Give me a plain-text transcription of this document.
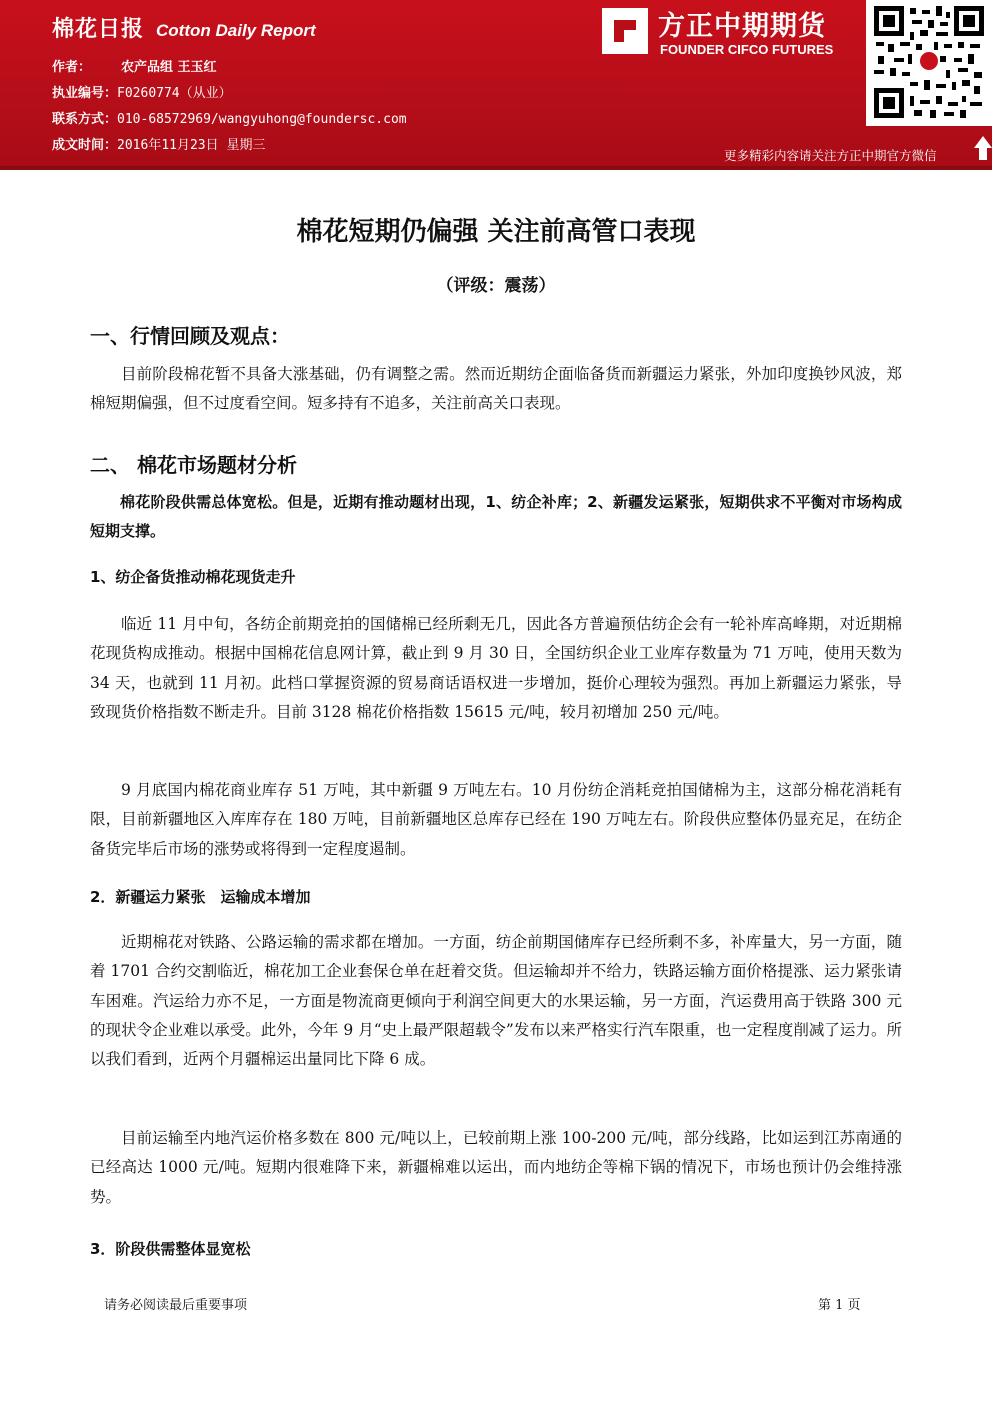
棉花日报 Cotton Daily Report
作者： 农产品组 王玉红
执业编号：F0260774（从业）
联系方式：010-68572969/wangyuhong@foundersc.com
成文时间：2016年11月23日 星期三
方正中期期货
FOUNDER CIFCO FUTURES
更多精彩内容请关注方正中期官方微信
棉花短期仍偏强 关注前高管口表现
（评级：震荡）
一、行情回顾及观点：
目前阶段棉花暂不具备大涨基础，仍有调整之需。然而近期纺企面临备货而新疆运力紧张，外加印度换钞风波，郑棉短期偏强，但不过度看空间。短多持有不追多，关注前高关口表现。
二、 棉花市场题材分析
棉花阶段供需总体宽松。但是，近期有推动题材出现，1、纺企补库；2、新疆发运紧张，短期供求不平衡对市场构成短期支撑。
1、纺企备货推动棉花现货走升
临近 11 月中旬，各纺企前期竞拍的国储棉已经所剩无几，因此各方普遍预估纺企会有一轮补库高峰期，对近期棉花现货构成推动。根据中国棉花信息网计算，截止到 9 月 30 日，全国纺织企业工业库存数量为 71 万吨，使用天数为 34 天，也就到 11 月初。此档口掌握资源的贸易商话语权进一步增加，挺价心理较为强烈。再加上新疆运力紧张，导致现货价格指数不断走升。目前 3128 棉花价格指数 15615 元/吨，较月初增加 250 元/吨。
9 月底国内棉花商业库存 51 万吨，其中新疆 9 万吨左右。10 月份纺企消耗竞拍国储棉为主，这部分棉花消耗有限，目前新疆地区入库库存在 180 万吨，目前新疆地区总库存已经在 190 万吨左右。阶段供应整体仍显充足，在纺企备货完毕后市场的涨势或将得到一定程度遏制。
2．新疆运力紧张　运输成本增加
近期棉花对铁路、公路运输的需求都在增加。一方面，纺企前期国储库存已经所剩不多，补库量大，另一方面，随着 1701 合约交割临近，棉花加工企业套保仓单在赶着交货。但运输却并不给力，铁路运输方面价格提涨、运力紧张请车困难。汽运给力亦不足，一方面是物流商更倾向于利润空间更大的水果运输，另一方面，汽运费用高于铁路 300 元的现状令企业难以承受。此外，今年 9 月“史上最严限超载令”发布以来严格实行汽车限重，也一定程度削减了运力。所以我们看到，近两个月疆棉运出量同比下降 6 成。
目前运输至内地汽运价格多数在 800 元/吨以上，已较前期上涨 100-200 元/吨，部分线路，比如运到江苏南通的已经高达 1000 元/吨。短期内很难降下来，新疆棉难以运出，而内地纺企等棉下锅的情况下，市场也预计仍会维持涨势。
3．阶段供需整体显宽松
请务必阅读最后重要事项	第 1 页
